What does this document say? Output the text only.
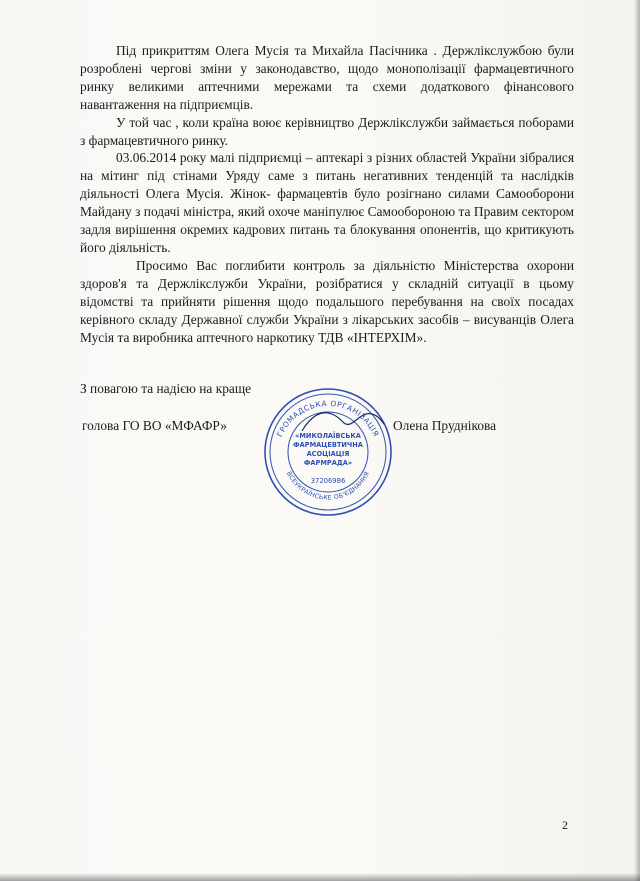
Під прикриттям Олега Мусія та Михайла Пасічника . Держлікслужбою були розроблені чергові зміни у законодавство, щодо монополізації фармацевтичного ринку великими аптечними мережами та схеми додаткового фінансового навантаження на підприємців.

У той час , коли країна воює керівництво Держлікслужби займається поборами з фармацевтичного ринку.

03.06.2014 року малі підприємці – аптекарі з різних областей України зібралися на мітинг під стінами Уряду саме з питань негативних тенденцій та наслідків діяльності Олега Мусія. Жінок- фармацевтів було розігнано силами Самооборони Майдану з подачі міністра, який охоче маніпулює Самообороною та Правим сектором задля вирішення окремих кадрових питань та блокування опонентів, що критикують його діяльність.

Просимо Вас поглибити контроль за діяльністю Міністерства охорони здоров'я та Держлікслужби України, розібратися у складній ситуації в цьому відомстві та прийняти рішення щодо подальшого перебування на своїх посадах керівного складу Державної служби України з лікарських засобів – висуванців Олега Мусія та виробника аптечного наркотику ТДВ «ІНТЕРХІМ».

З повагою та надією на краще
голова ГО ВО «МФАФР»
ГРОМАДСЬКА ОРГАНІЗАЦІЯ
ВСЕУКРАЇНСЬКЕ ОБ'ЄДНАННЯ
«МИКОЛАЇВСЬКА
ФАРМАЦЕВТИЧНА
АСОЦІАЦІЯ
ФАРМРАДА»
37206986
Олена Пруднікова
2
